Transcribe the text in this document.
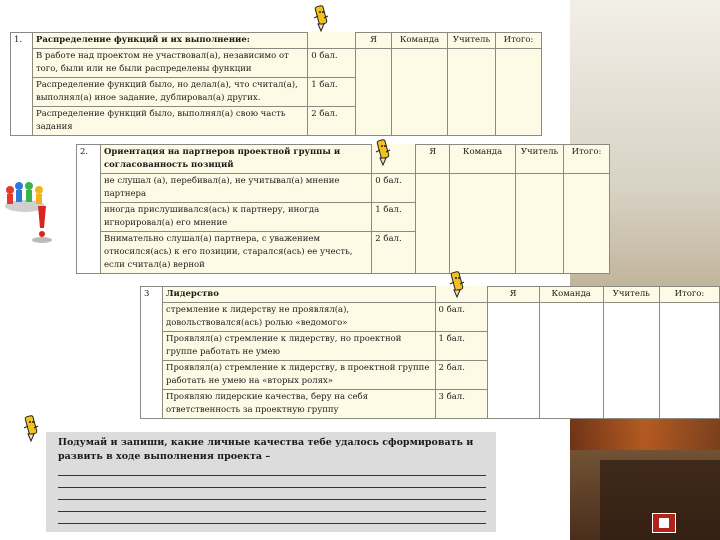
1.	Распределение функций и их выполнение:		Я	Команда	Учитель	Итого:
	В работе над проектом не участвовал(а), независимо от того, были или не были распределены функции	0 бал.				
	Распределение функций было, но делал(а), что считал(а), выполнял(а) иное задание, дублировал(а) других.	1 бал.				
	Распределение функций было, выполнял(а) свою часть задания	2 бал.				
2.	Ориентация на партнеров проектной группы и согласованность позиций		Я	Команда	Учитель	Итого:
	не слушал (а), перебивал(а), не учитывал(а) мнение партнера	0 бал.				
	иногда прислушивался(ась) к партнеру, иногда игнорировал(а) его мнение	1 бал.				
	Внимательно слушал(а) партнера, с уважением относился(ась) к его позиции, старался(ась) ее учесть, если считал(а) верной	2 бал.				
3	Лидерство		Я	Команда	Учитель	Итого:
	стремление к лидерству не проявлял(а), довольствовался(ась) ролью «ведомого»	0 бал.				
	Проявлял(а) стремление к лидерству, но проектной группе работать не умею	1 бал.				
	Проявлял(а) стремление к лидерству, в проектной группе работать не умею на «вторых ролях»	2 бал.				
	Проявляю лидерские качества, беру на себя ответственность за проектную группу	3 бал.				
Подумай и запиши, какие личные качества тебе удалось сформировать и развить в ходе выполнения проекта –
